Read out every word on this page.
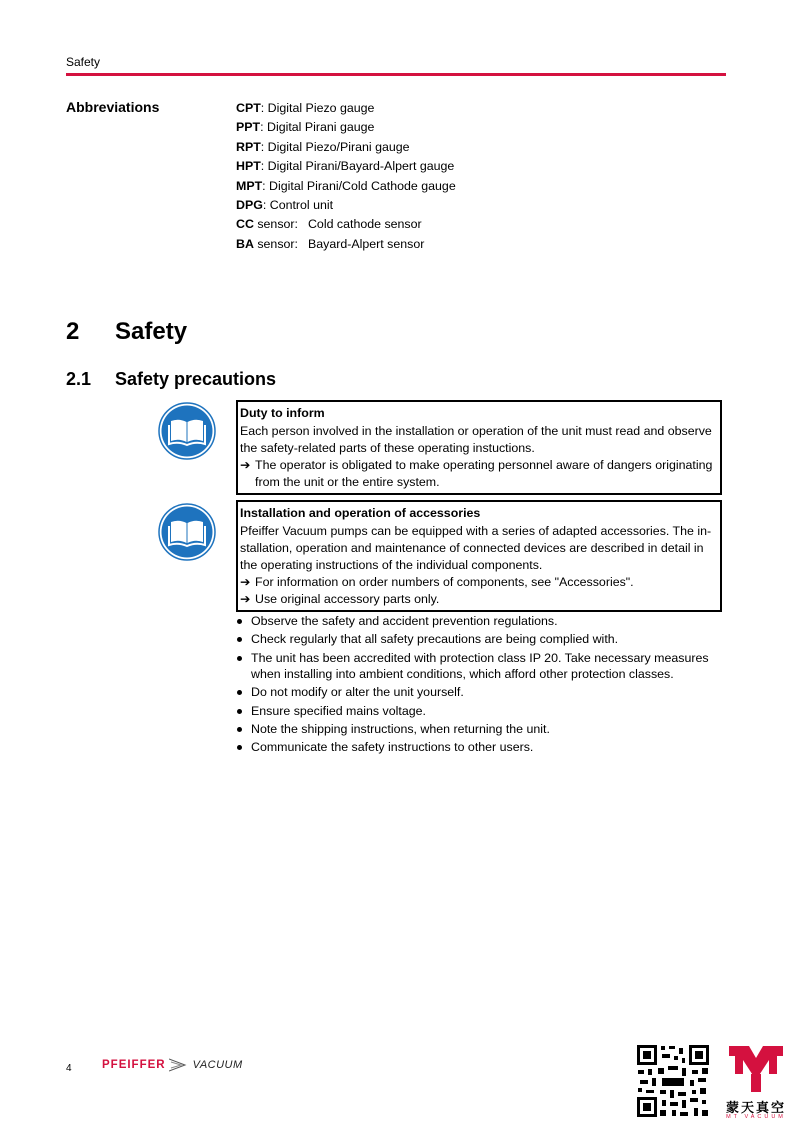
Safety
Abbreviations	CPT: Digital Piezo gauge
PPT: Digital Pirani gauge
RPT: Digital Piezo/Pirani gauge
HPT: Digital Pirani/Bayard-Alpert gauge
MPT: Digital Pirani/Cold Cathode gauge
DPG: Control unit
CC sensor: Cold cathode sensor
BA sensor: Bayard-Alpert sensor
2 Safety
2.1 Safety precautions
Duty to inform
Each person involved in the installation or operation of the unit must read and observe the safety-related parts of these operating instuctions.
➔ The operator is obligated to make operating personnel aware of dangers originating from the unit or the entire system.
Installation and operation of accessories
Pfeiffer Vacuum pumps can be equipped with a series of adapted accessories. The in-stallation, operation and maintenance of connected devices are described in detail in the operating instructions of the individual components.
➔ For information on order numbers of components, see "Accessories".
➔ Use original accessory parts only.
Observe the safety and accident prevention regulations.
Check regularly that all safety precautions are being complied with.
The unit has been accredited with protection class IP 20. Take necessary measures when installing into ambient conditions, which afford other protection classes.
Do not modify or alter the unit yourself.
Ensure specified mains voltage.
Note the shipping instructions, when returning the unit.
Communicate the safety instructions to other users.
4	PFEIFFER VACUUM
蒙天真空
MT VACUUM
